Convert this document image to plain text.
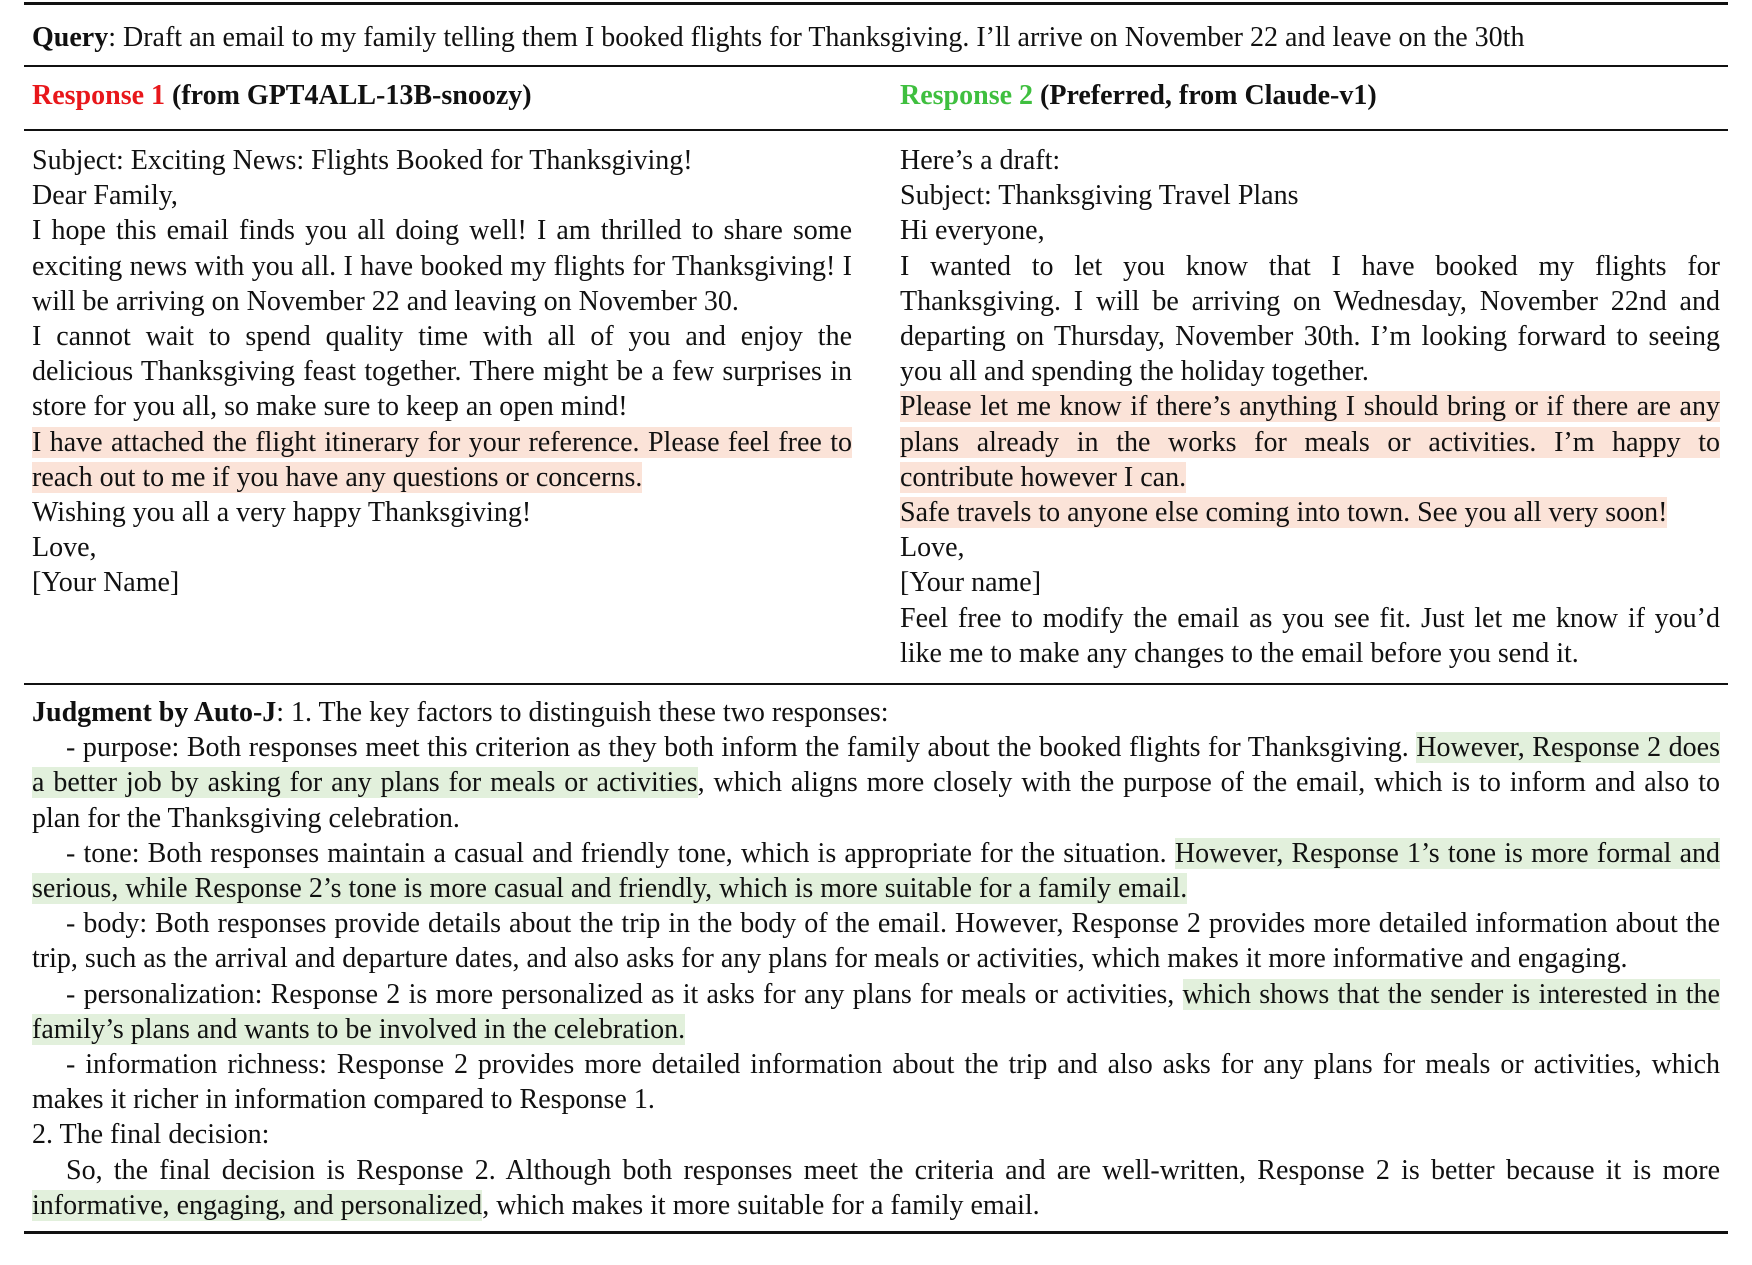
Query: Draft an email to my family telling them I booked flights for Thanksgiving. I’ll arrive on November 22 and leave on the 30th
Response 1 (from GPT4ALL-13B-snoozy)	Response 2 (Preferred, from Claude-v1)

Subject: Exciting News: Flights Booked for Thanksgiving!

Dear Family,

I hope this email finds you all doing well! I am thrilled to share some exciting news with you all. I have booked my flights for Thanksgiving! I will be arriving on November 22 and leaving on November 30.

I cannot wait to spend quality time with all of you and enjoy the delicious Thanksgiving feast together. There might be a few surprises in store for you all, so make sure to keep an open mind!

I have attached the flight itinerary for your reference. Please feel free to reach out to me if you have any questions or concerns.

Wishing you all a very happy Thanksgiving!

Love,

[Your Name]

Here’s a draft:

Subject: Thanksgiving Travel Plans

Hi everyone,

I wanted to let you know that I have booked my flights for Thanksgiving. I will be arriving on Wednesday, November 22nd and departing on Thursday, November 30th. I’m looking forward to seeing you all and spending the holiday together.

Please let me know if there’s anything I should bring or if there are any plans already in the works for meals or activities. I’m happy to contribute however I can.

Safe travels to anyone else coming into town. See you all very soon!

Love,

[Your name]

Feel free to modify the email as you see fit. Just let me know if you’d like me to make any changes to the email before you send it.

Judgment by Auto-J: 1. The key factors to distinguish these two responses:

- purpose: Both responses meet this criterion as they both inform the family about the booked flights for Thanksgiving. However, Response 2 does a better job by asking for any plans for meals or activities, which aligns more closely with the purpose of the email, which is to inform and also to plan for the Thanksgiving celebration.

- tone: Both responses maintain a casual and friendly tone, which is appropriate for the situation. However, Response 1’s tone is more formal and serious, while Response 2’s tone is more casual and friendly, which is more suitable for a family email.

- body: Both responses provide details about the trip in the body of the email. However, Response 2 provides more detailed information about the trip, such as the arrival and departure dates, and also asks for any plans for meals or activities, which makes it more informative and engaging.

- personalization: Response 2 is more personalized as it asks for any plans for meals or activities, which shows that the sender is interested in the family’s plans and wants to be involved in the celebration.

- information richness: Response 2 provides more detailed information about the trip and also asks for any plans for meals or activities, which makes it richer in information compared to Response 1.

2. The final decision:

So, the final decision is Response 2. Although both responses meet the criteria and are well-written, Response 2 is better because it is more informative, engaging, and personalized, which makes it more suitable for a family email.
